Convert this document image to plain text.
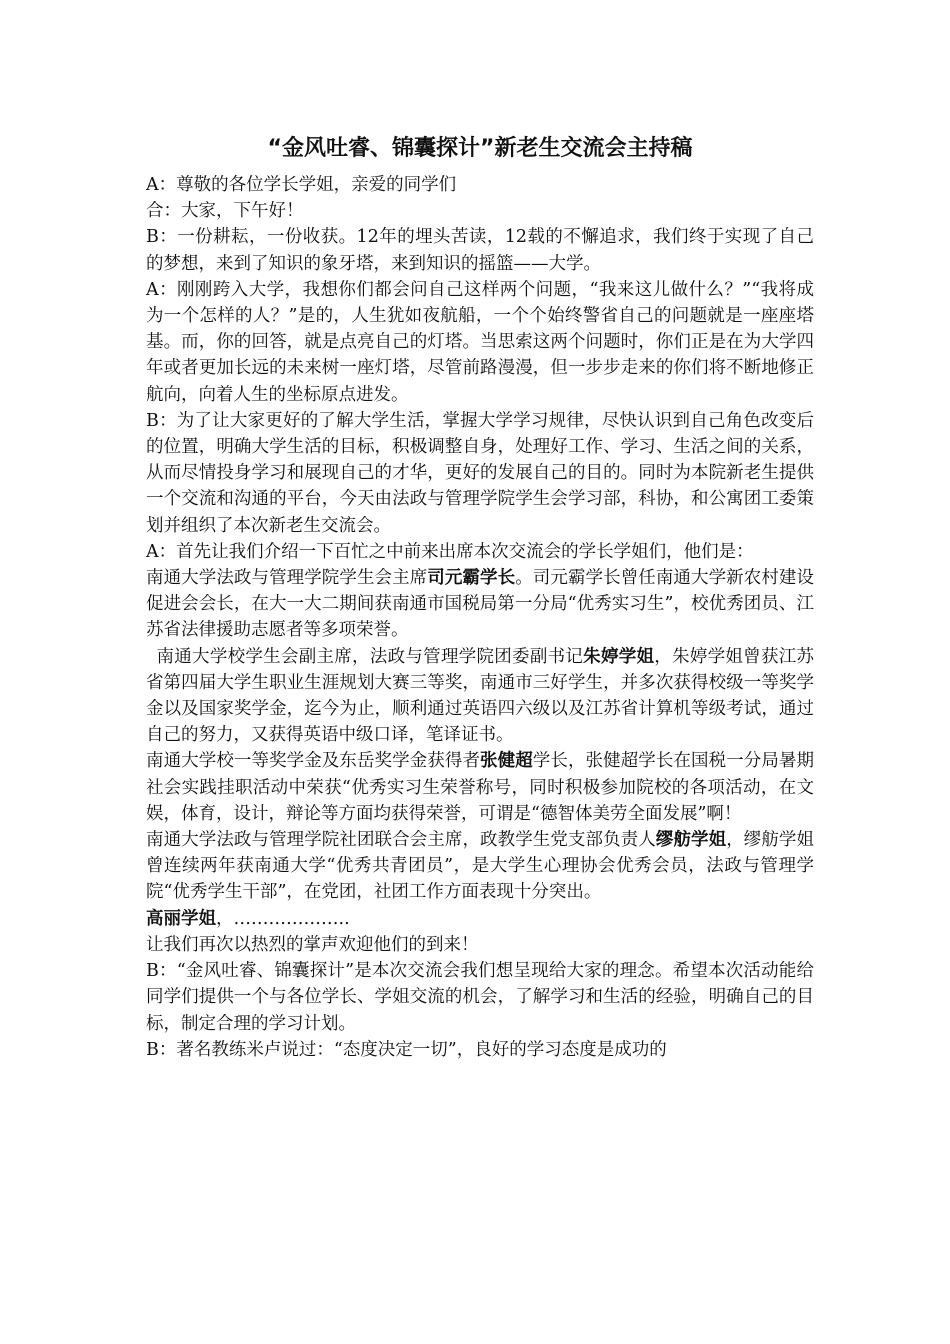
“金风吐睿、锦囊探计”新老生交流会主持稿

A：尊敬的各位学长学姐，亲爱的同学们

合：大家，下午好！

B：一份耕耘，一份收获。12年的埋头苦读，12载的不懈追求，我们终于实现了自己的梦想，来到了知识的象牙塔，来到知识的摇篮——大学。

A：刚刚跨入大学，我想你们都会问自己这样两个问题，“我来这儿做什么？”“我将成为一个怎样的人？”是的，人生犹如夜航船，一个个始终警省自己的问题就是一座座塔基。而，你的回答，就是点亮自己的灯塔。当思索这两个问题时，你们正是在为大学四年或者更加长远的未来树一座灯塔，尽管前路漫漫，但一步步走来的你们将不断地修正航向，向着人生的坐标原点进发。

B：为了让大家更好的了解大学生活，掌握大学学习规律，尽快认识到自己角色改变后的位置，明确大学生活的目标，积极调整自身，处理好工作、学习、生活之间的关系，从而尽情投身学习和展现自己的才华，更好的发展自己的目的。同时为本院新老生提供一个交流和沟通的平台，今天由法政与管理学院学生会学习部，科协，和公寓团工委策划并组织了本次新老生交流会。

A：首先让我们介绍一下百忙之中前来出席本次交流会的学长学姐们，他们是：

南通大学法政与管理学院学生会主席司元霸学长。司元霸学长曾任南通大学新农村建设促进会会长，在大一大二期间获南通市国税局第一分局“优秀实习生”，校优秀团员、江苏省法律援助志愿者等多项荣誉。

南通大学校学生会副主席，法政与管理学院团委副书记朱婷学姐，朱婷学姐曾获江苏省第四届大学生职业生涯规划大赛三等奖，南通市三好学生，并多次获得校级一等奖学金以及国家奖学金，迄今为止，顺利通过英语四六级以及江苏省计算机等级考试，通过自己的努力，又获得英语中级口译，笔译证书。

南通大学校一等奖学金及东岳奖学金获得者张健超学长，张健超学长在国税一分局暑期社会实践挂职活动中荣获“优秀实习生荣誉称号，同时积极参加院校的各项活动，在文娱，体育，设计，辩论等方面均获得荣誉，可谓是“德智体美劳全面发展”啊！

南通大学法政与管理学院社团联合会主席，政教学生党支部负责人缪舫学姐，缪舫学姐曾连续两年获南通大学“优秀共青团员”，是大学生心理协会优秀会员，法政与管理学院“优秀学生干部”，在党团，社团工作方面表现十分突出。

高丽学姐，………………..

让我们再次以热烈的掌声欢迎他们的到来！

B：“金风吐睿、锦囊探计”是本次交流会我们想呈现给大家的理念。希望本次活动能给同学们提供一个与各位学长、学姐交流的机会，了解学习和生活的经验，明确自己的目标，制定合理的学习计划。

B：著名教练米卢说过：“态度决定一切”，良好的学习态度是成功的
